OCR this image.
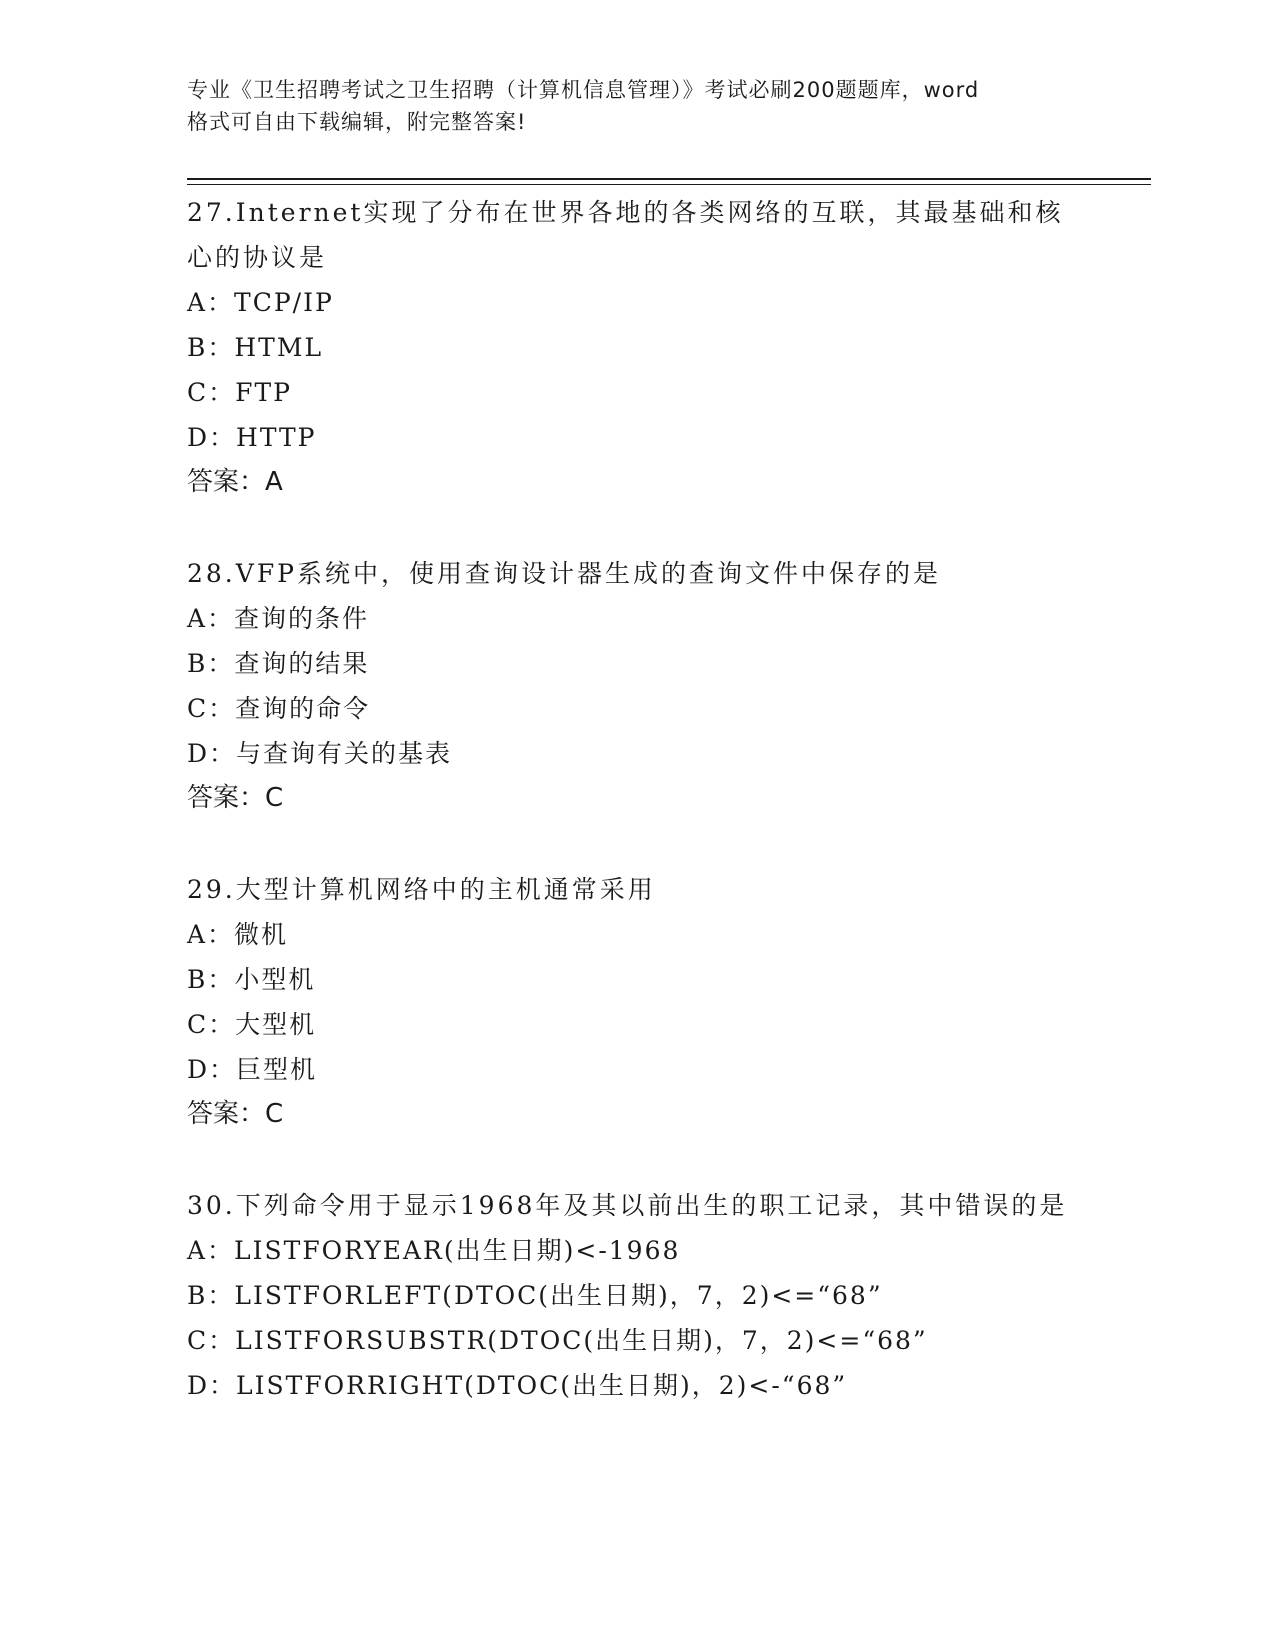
专业《卫生招聘考试之卫生招聘（计算机信息管理）》考试必刷200题题库，word
格式可自由下载编辑，附完整答案!

27.Internet实现了分布在世界各地的各类网络的互联，其最基础和核心的协议是

A：TCP/IP

B：HTML

C：FTP

D：HTTP

答案：A

28.VFP系统中，使用查询设计器生成的查询文件中保存的是

A：查询的条件

B：查询的结果

C：查询的命令

D：与查询有关的基表

答案：C

29.大型计算机网络中的主机通常采用

A：微机

B：小型机

C：大型机

D：巨型机

答案：C

30.下列命令用于显示1968年及其以前出生的职工记录，其中错误的是

A：LISTFORYEAR(出生日期)<-1968

B：LISTFORLEFT(DTOC(出生日期)，7，2)<=“68”

C：LISTFORSUBSTR(DTOC(出生日期)，7，2)<=“68”

D：LISTFORRIGHT(DTOC(出生日期)，2)<-“68”
